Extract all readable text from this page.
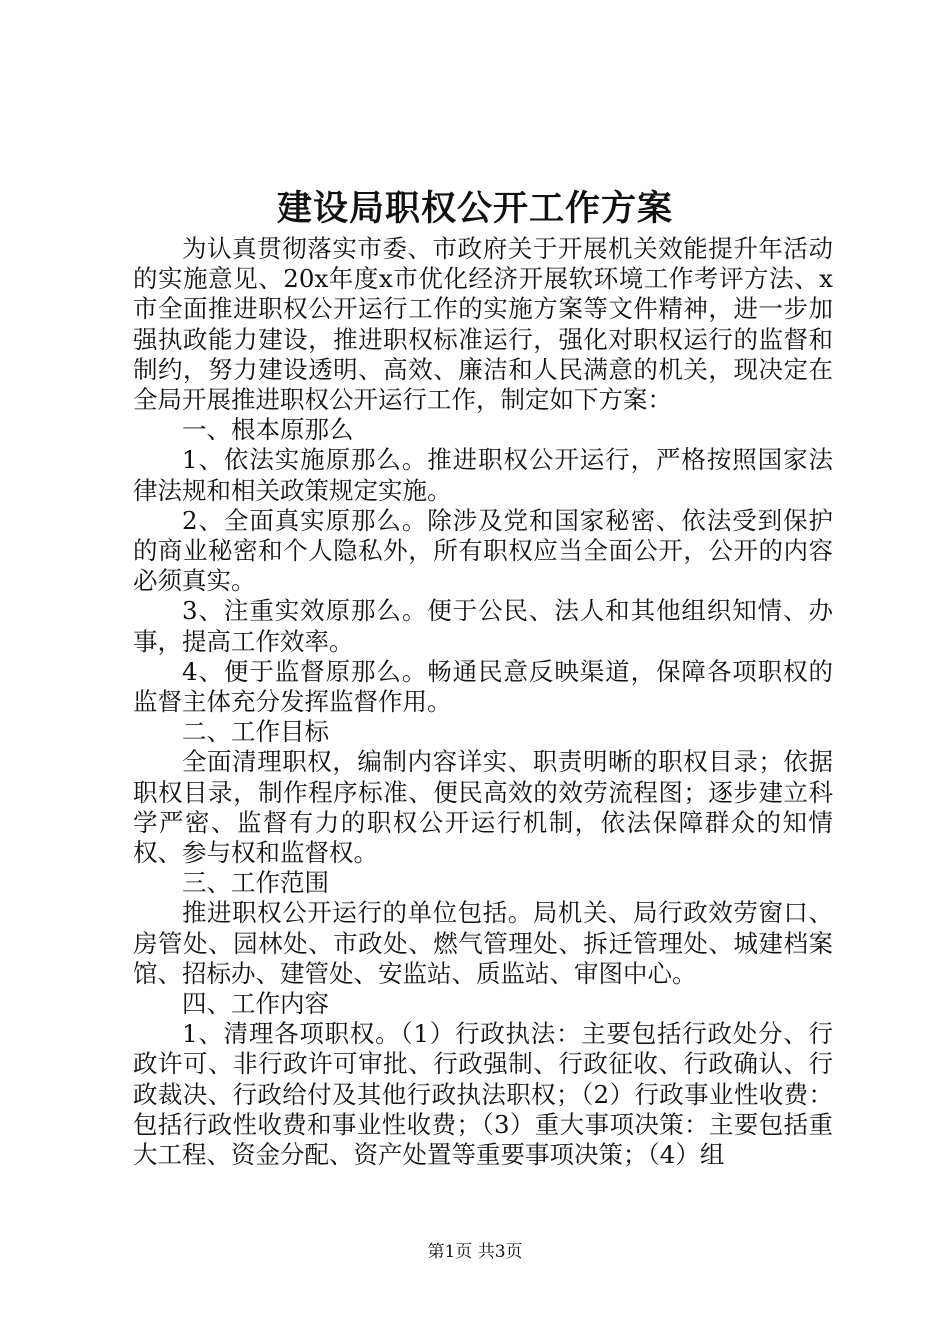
建设局职权公开工作方案

为认真贯彻落实市委、市政府关于开展机关效能提升年活动的实施意见、20x年度x市优化经济开展软环境工作考评方法、x市全面推进职权公开运行工作的实施方案等文件精神，进一步加强执政能力建设，推进职权标准运行，强化对职权运行的监督和制约，努力建设透明、高效、廉洁和人民满意的机关，现决定在全局开展推进职权公开运行工作，制定如下方案：

一、根本原那么

1、依法实施原那么。推进职权公开运行，严格按照国家法律法规和相关政策规定实施。

2、全面真实原那么。除涉及党和国家秘密、依法受到保护的商业秘密和个人隐私外，所有职权应当全面公开，公开的内容必须真实。

3、注重实效原那么。便于公民、法人和其他组织知情、办事，提高工作效率。

4、便于监督原那么。畅通民意反映渠道，保障各项职权的监督主体充分发挥监督作用。

二、工作目标

全面清理职权，编制内容详实、职责明晰的职权目录；依据职权目录，制作程序标准、便民高效的效劳流程图；逐步建立科学严密、监督有力的职权公开运行机制，依法保障群众的知情权、参与权和监督权。

三、工作范围

推进职权公开运行的单位包括。局机关、局行政效劳窗口、房管处、园林处、市政处、燃气管理处、拆迁管理处、城建档案馆、招标办、建管处、安监站、质监站、审图中心。

四、工作内容

1、清理各项职权。（1）行政执法：主要包括行政处分、行政许可、非行政许可审批、行政强制、行政征收、行政确认、行政裁决、行政给付及其他行政执法职权；（2）行政事业性收费：包括行政性收费和事业性收费；（3）重大事项决策：主要包括重大工程、资金分配、资产处置等重要事项决策；（4）组

第1页 共3页
